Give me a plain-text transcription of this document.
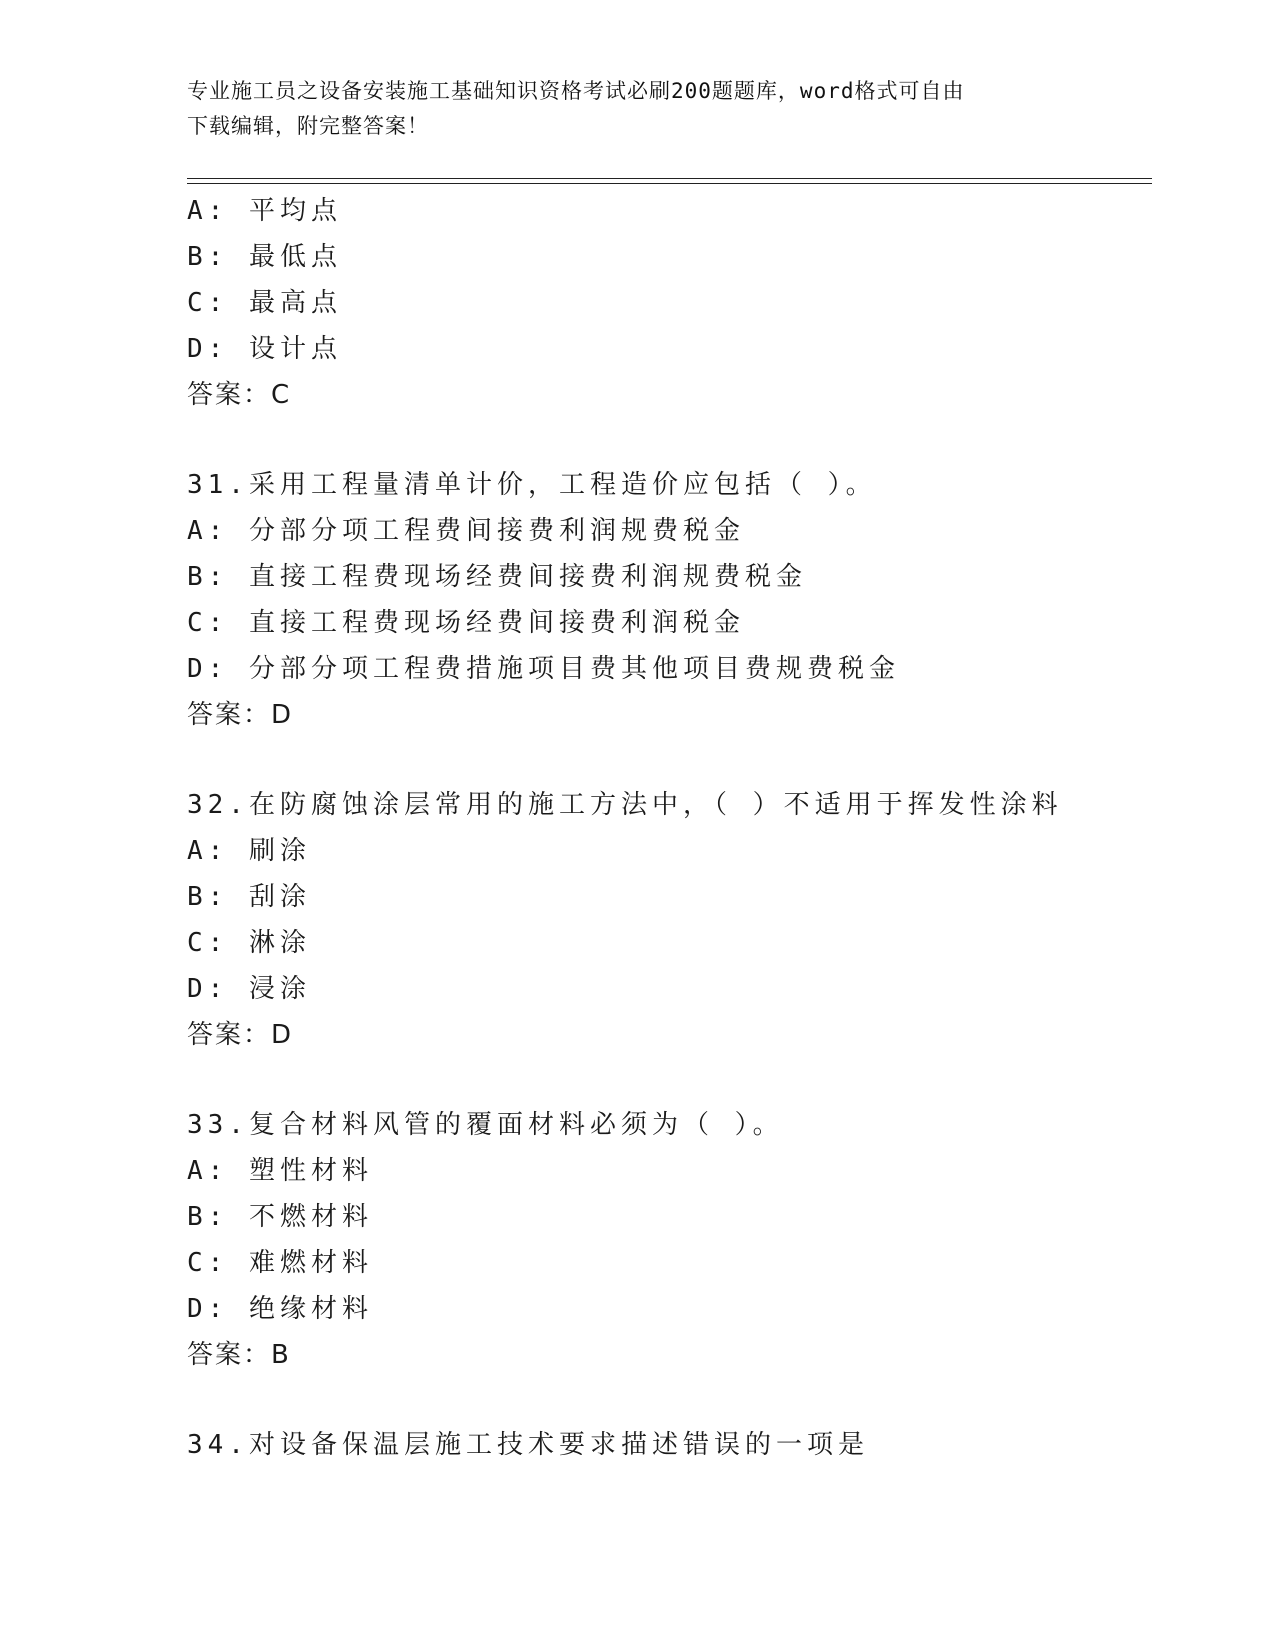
专业施工员之设备安装施工基础知识资格考试必刷200题题库，word格式可自由
下载编辑，附完整答案！
A: 平均点
B: 最低点
C: 最高点
D: 设计点
答案：C
31.采用工程量清单计价，工程造价应包括（ ）。
A: 分部分项工程费间接费利润规费税金
B: 直接工程费现场经费间接费利润规费税金
C: 直接工程费现场经费间接费利润税金
D: 分部分项工程费措施项目费其他项目费规费税金
答案：D
32.在防腐蚀涂层常用的施工方法中，（ ）不适用于挥发性涂料
A: 刷涂
B: 刮涂
C: 淋涂
D: 浸涂
答案：D
33.复合材料风管的覆面材料必须为（ ）。
A: 塑性材料
B: 不燃材料
C: 难燃材料
D: 绝缘材料
答案：B
34.对设备保温层施工技术要求描述错误的一项是
